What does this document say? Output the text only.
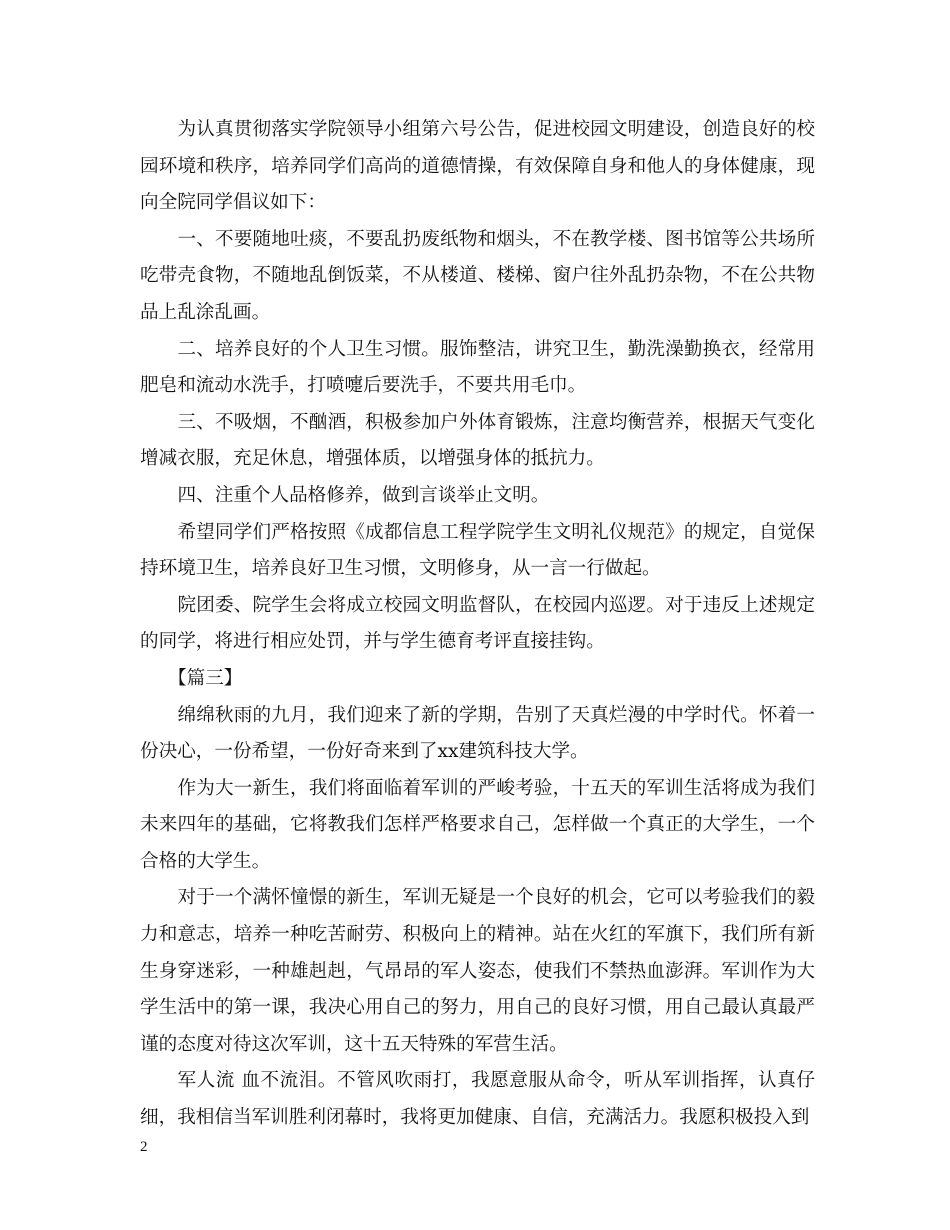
为认真贯彻落实学院领导小组第六号公告，促进校园文明建设，创造良好的校园环境和秩序，培养同学们高尚的道德情操，有效保障自身和他人的身体健康，现向全院同学倡议如下：

一、不要随地吐痰，不要乱扔废纸物和烟头，不在教学楼、图书馆等公共场所吃带壳食物，不随地乱倒饭菜，不从楼道、楼梯、窗户往外乱扔杂物，不在公共物品上乱涂乱画。

二、培养良好的个人卫生习惯。服饰整洁，讲究卫生，勤洗澡勤换衣，经常用肥皂和流动水洗手，打喷嚏后要洗手，不要共用毛巾。

三、不吸烟，不酗酒，积极参加户外体育锻炼，注意均衡营养，根据天气变化增减衣服，充足休息，增强体质，以增强身体的抵抗力。

四、注重个人品格修养，做到言谈举止文明。

希望同学们严格按照《成都信息工程学院学生文明礼仪规范》的规定，自觉保持环境卫生，培养良好卫生习惯，文明修身，从一言一行做起。

院团委、院学生会将成立校园文明监督队，在校园内巡逻。对于违反上述规定的同学，将进行相应处罚，并与学生德育考评直接挂钩。

【篇三】

绵绵秋雨的九月，我们迎来了新的学期，告别了天真烂漫的中学时代。怀着一份决心，一份希望，一份好奇来到了xx建筑科技大学。

作为大一新生，我们将面临着军训的严峻考验，十五天的军训生活将成为我们未来四年的基础，它将教我们怎样严格要求自己，怎样做一个真正的大学生，一个合格的大学生。

对于一个满怀憧憬的新生，军训无疑是一个良好的机会，它可以考验我们的毅力和意志，培养一种吃苦耐劳、积极向上的精神。站在火红的军旗下，我们所有新生身穿迷彩，一种雄赳赳，气昂昂的军人姿态，使我们不禁热血澎湃。军训作为大学生活中的第一课，我决心用自己的努力，用自己的良好习惯，用自己最认真最严谨的态度对待这次军训，这十五天特殊的军营生活。

军人流 血不流泪。不管风吹雨打，我愿意服从命令，听从军训指挥，认真仔细，我相信当军训胜利闭幕时，我将更加健康、自信，充满活力。我愿积极投入到

2
